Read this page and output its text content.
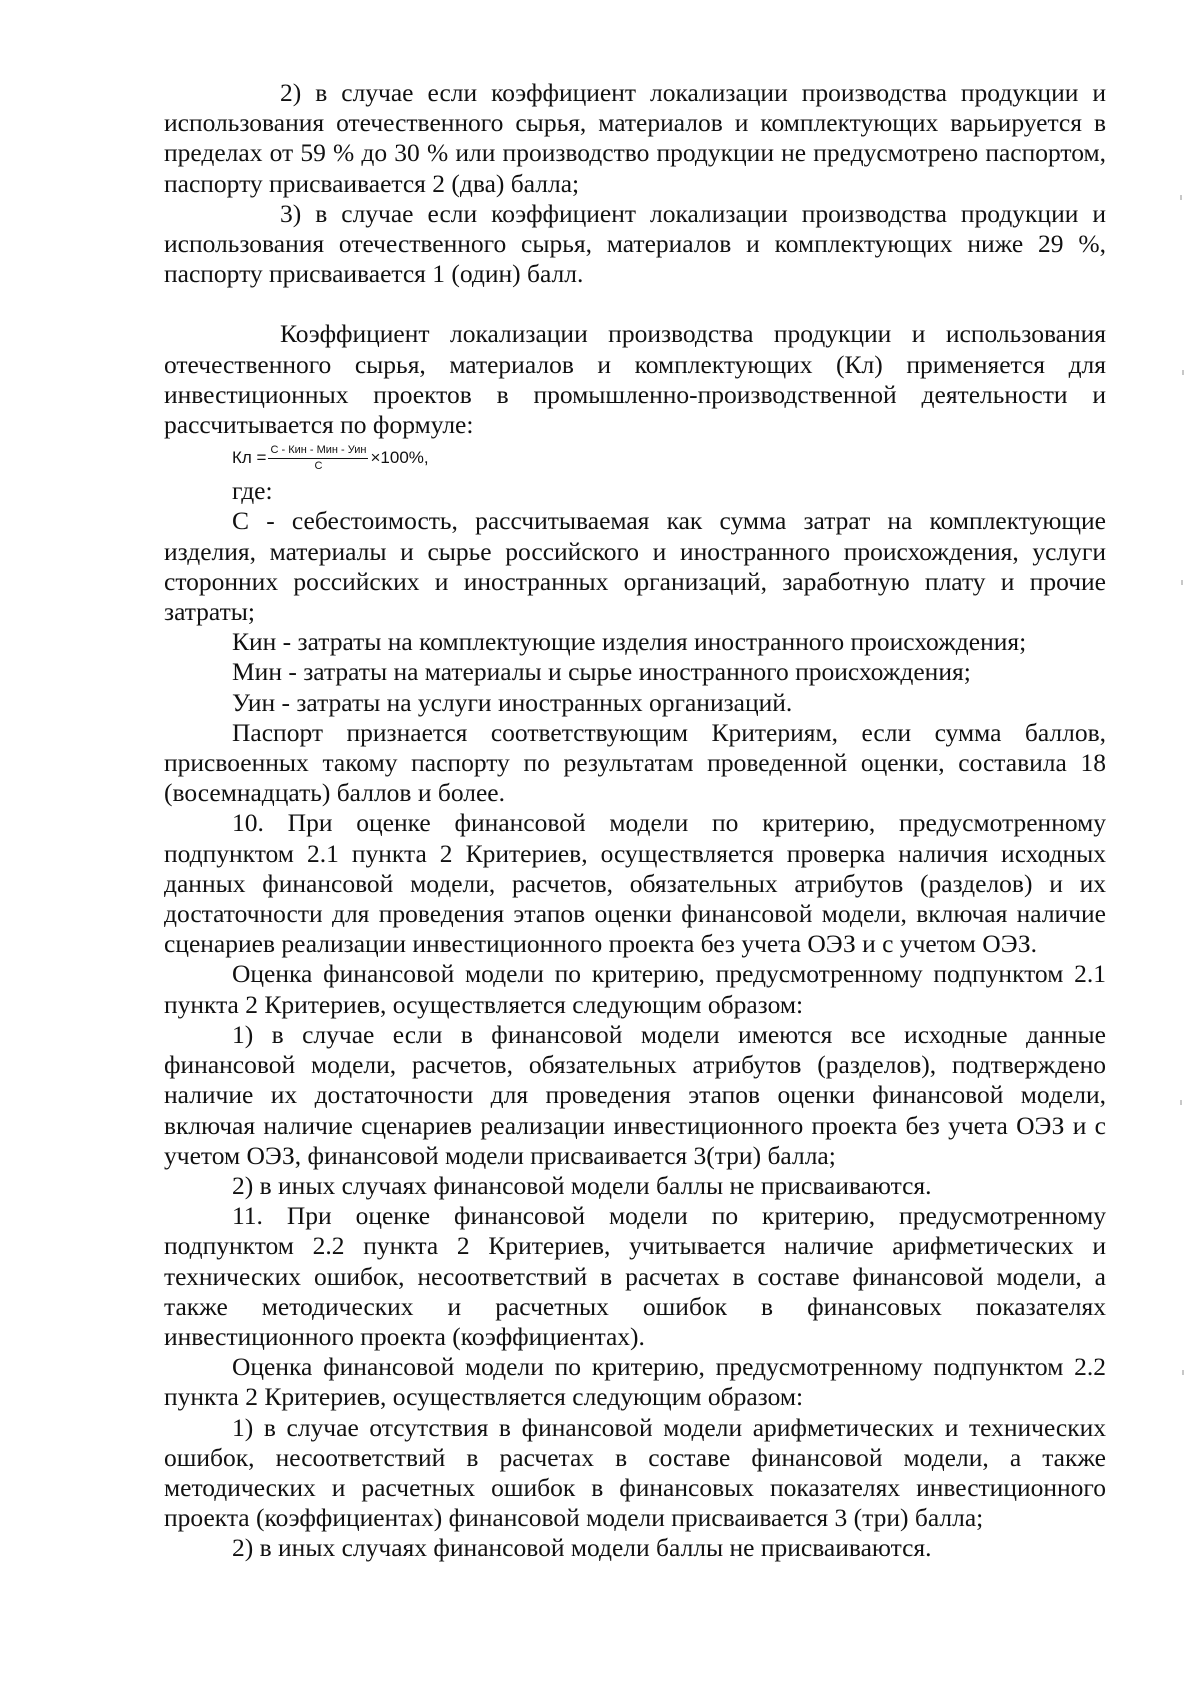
2) в случае если коэффициент локализации производства продукции и использования отечественного сырья, материалов и комплектующих варьируется в пределах от 59 % до 30 % или производство продукции не предусмотрено паспортом, паспорту присваивается 2 (два) балла;

3) в случае если коэффициент локализации производства продукции и использования отечественного сырья, материалов и комплектующих ниже 29 %, паспорту присваивается 1 (один) балл.

Коэффициент локализации производства продукции и использования отечественного сырья, материалов и комплектующих (Кл) применяется для инвестиционных проектов в промышленно-производственной деятельности и рассчитывается по формуле:

Кл = $\frac{\text{С - Кин - Мин - Уин}}{С} \times 100\%$,

где:

С - себестоимость, рассчитываемая как сумма затрат на комплектующие изделия, материалы и сырье российского и иностранного происхождения, услуги сторонних российских и иностранных организаций, заработную плату и прочие затраты;

Кин - затраты на комплектующие изделия иностранного происхождения;

Мин - затраты на материалы и сырье иностранного происхождения;

Уин - затраты на услуги иностранных организаций.

Паспорт признается соответствующим Критериям, если сумма баллов, присвоенных такому паспорту по результатам проведенной оценки, составила 18 (восемнадцать) баллов и более.

10. При оценке финансовой модели по критерию, предусмотренному подпунктом 2.1 пункта 2 Критериев, осуществляется проверка наличия исходных данных финансовой модели, расчетов, обязательных атрибутов (разделов) и их достаточности для проведения этапов оценки финансовой модели, включая наличие сценариев реализации инвестиционного проекта без учета ОЭЗ и с учетом ОЭЗ.

Оценка финансовой модели по критерию, предусмотренному подпунктом 2.1 пункта 2 Критериев, осуществляется следующим образом:

1) в случае если в финансовой модели имеются все исходные данные финансовой модели, расчетов, обязательных атрибутов (разделов), подтверждено наличие их достаточности для проведения этапов оценки финансовой модели, включая наличие сценариев реализации инвестиционного проекта без учета ОЭЗ и с учетом ОЭЗ, финансовой модели присваивается 3(три) балла;

2) в иных случаях финансовой модели баллы не присваиваются.

11. При оценке финансовой модели по критерию, предусмотренному подпунктом 2.2 пункта 2 Критериев, учитывается наличие арифметических и технических ошибок, несоответствий в расчетах в составе финансовой модели, а также методических и расчетных ошибок в финансовых показателях инвестиционного проекта (коэффициентах).

Оценка финансовой модели по критерию, предусмотренному подпунктом 2.2 пункта 2 Критериев, осуществляется следующим образом:

1) в случае отсутствия в финансовой модели арифметических и технических ошибок, несоответствий в расчетах в составе финансовой модели, а также методических и расчетных ошибок в финансовых показателях инвестиционного проекта (коэффициентах) финансовой модели присваивается 3 (три) балла;

2) в иных случаях финансовой модели баллы не присваиваются.
